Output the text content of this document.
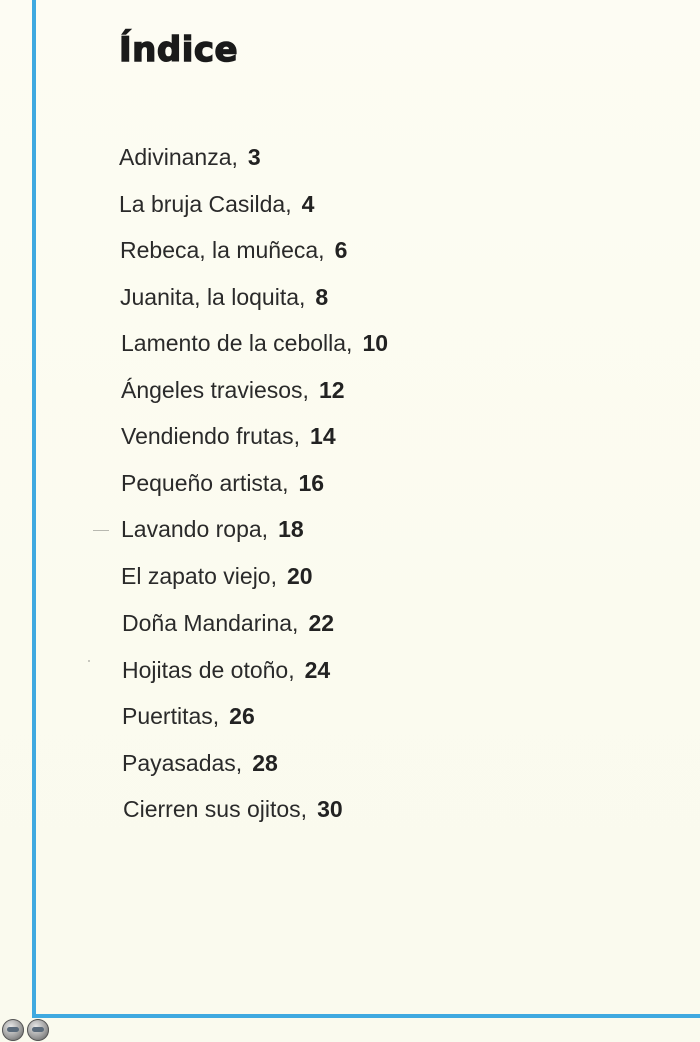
Índice
Adivinanza, 3
La bruja Casilda, 4
Rebeca, la muñeca, 6
Juanita, la loquita, 8
Lamento de la cebolla, 10
Ángeles traviesos, 12
Vendiendo frutas, 14
Pequeño artista, 16
Lavando ropa, 18
El zapato viejo, 20
Doña Mandarina, 22
Hojitas de otoño, 24
Puertitas, 26
Payasadas, 28
Cierren sus ojitos, 30
